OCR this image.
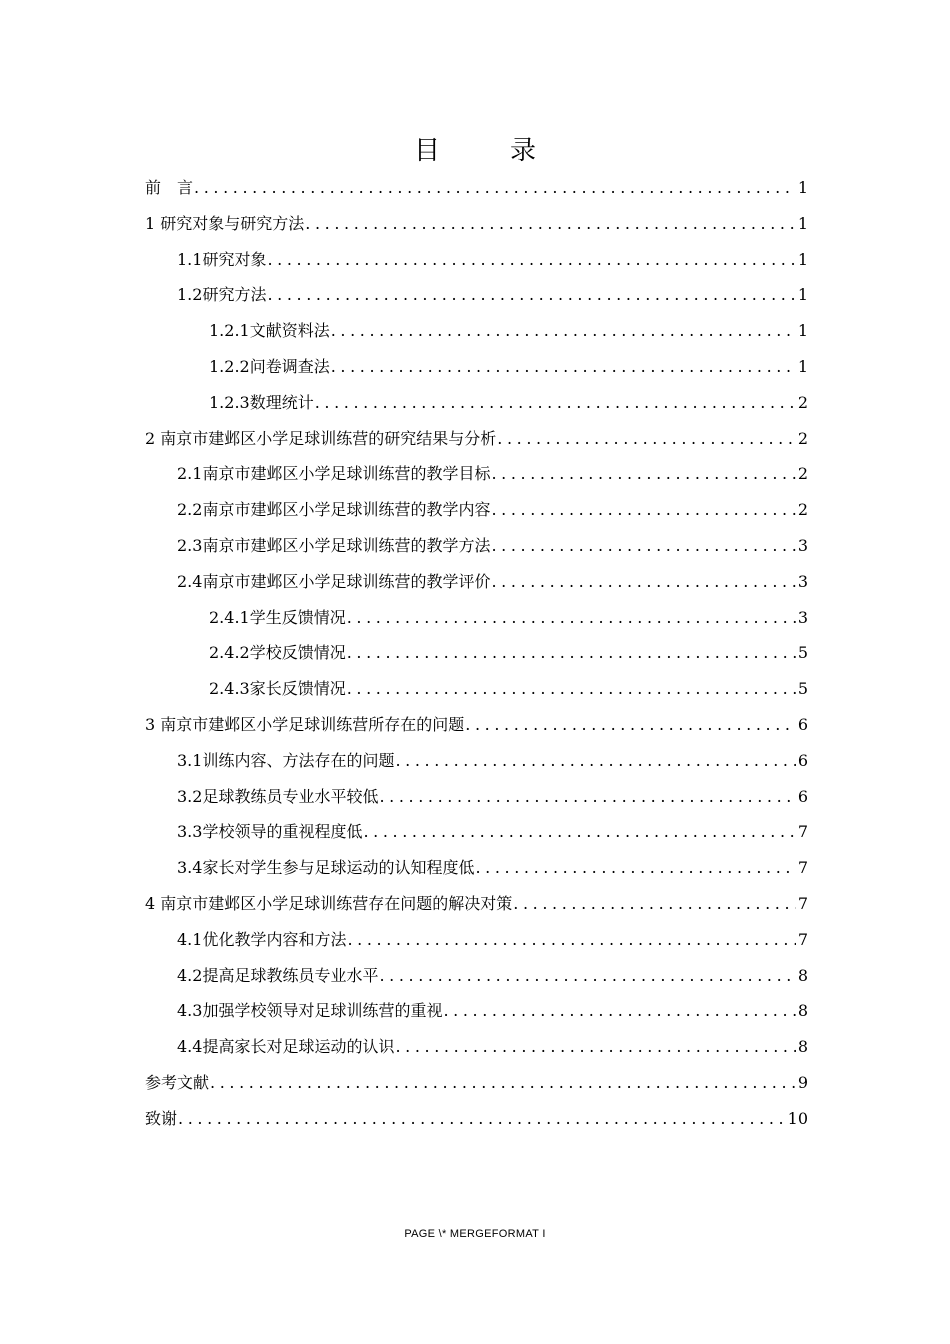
目　录
前　言 .....	1
1 研究对象与研究方法 .....	1
1.1研究对象 .....	1
1.2研究方法 .....	1
1.2.1文献资料法 .....	1
1.2.2问卷调查法 .....	1
1.2.3数理统计 .....	2
2 南京市建邺区小学足球训练营的研究结果与分析 .....	2
2.1南京市建邺区小学足球训练营的教学目标 .....	2
2.2南京市建邺区小学足球训练营的教学内容 .....	2
2.3南京市建邺区小学足球训练营的教学方法 .....	3
2.4南京市建邺区小学足球训练营的教学评价 .....	3
2.4.1学生反馈情况 .....	3
2.4.2学校反馈情况 .....	5
2.4.3家长反馈情况 .....	5
3 南京市建邺区小学足球训练营所存在的问题 .....	6
3.1训练内容、方法存在的问题 .....	6
3.2足球教练员专业水平较低 .....	6
3.3学校领导的重视程度低 .....	7
3.4家长对学生参与足球运动的认知程度低 .....	7
4 南京市建邺区小学足球训练营存在问题的解决对策 .....	7
4.1优化教学内容和方法 .....	7
4.2提高足球教练员专业水平 .....	8
4.3加强学校领导对足球训练营的重视 .....	8
4.4提高家长对足球运动的认识 .....	8
参考文献 .....	9
致谢 .....	10
PAGE \* MERGEFORMAT I
